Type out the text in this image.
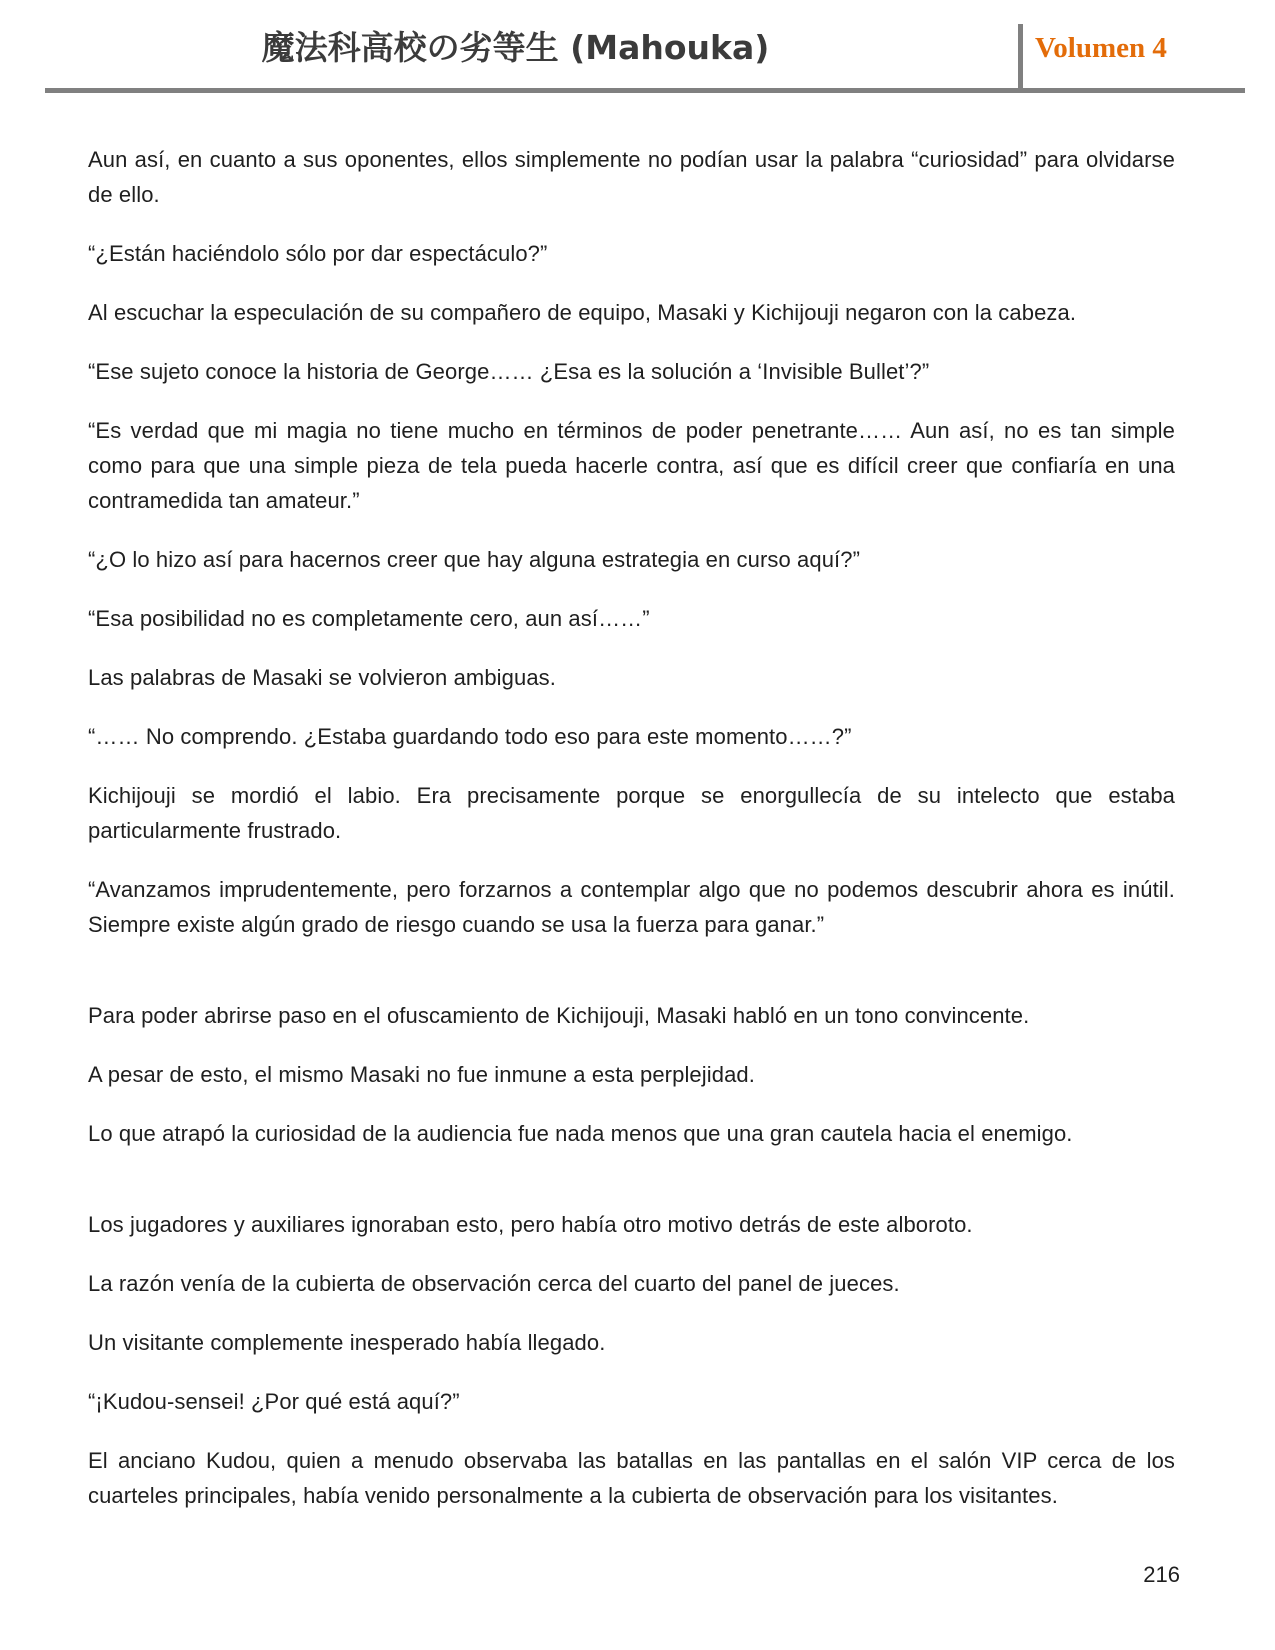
魔法科高校の劣等生 (Mahouka)	Volumen 4

Aun así, en cuanto a sus oponentes, ellos simplemente no podían usar la palabra “curiosidad” para olvidarse de ello.

“¿Están haciéndolo sólo por dar espectáculo?”

Al escuchar la especulación de su compañero de equipo, Masaki y Kichijouji negaron con la cabeza.

“Ese sujeto conoce la historia de George…… ¿Esa es la solución a ‘Invisible Bullet’?”

“Es verdad que mi magia no tiene mucho en términos de poder penetrante…… Aun así, no es tan simple como para que una simple pieza de tela pueda hacerle contra, así que es difícil creer que confiaría en una contramedida tan amateur.”

“¿O lo hizo así para hacernos creer que hay alguna estrategia en curso aquí?”

“Esa posibilidad no es completamente cero, aun así……”

Las palabras de Masaki se volvieron ambiguas.

“…… No comprendo. ¿Estaba guardando todo eso para este momento……?”

Kichijouji se mordió el labio. Era precisamente porque se enorgullecía de su intelecto que estaba particularmente frustrado.

“Avanzamos imprudentemente, pero forzarnos a contemplar algo que no podemos descubrir ahora es inútil. Siempre existe algún grado de riesgo cuando se usa la fuerza para ganar.”

Para poder abrirse paso en el ofuscamiento de Kichijouji, Masaki habló en un tono convincente.

A pesar de esto, el mismo Masaki no fue inmune a esta perplejidad.

Lo que atrapó la curiosidad de la audiencia fue nada menos que una gran cautela hacia el enemigo.

Los jugadores y auxiliares ignoraban esto, pero había otro motivo detrás de este alboroto.

La razón venía de la cubierta de observación cerca del cuarto del panel de jueces.

Un visitante complemente inesperado había llegado.

“¡Kudou-sensei! ¿Por qué está aquí?”

El anciano Kudou, quien a menudo observaba las batallas en las pantallas en el salón VIP cerca de los cuarteles principales, había venido personalmente a la cubierta de observación para los visitantes.

216
